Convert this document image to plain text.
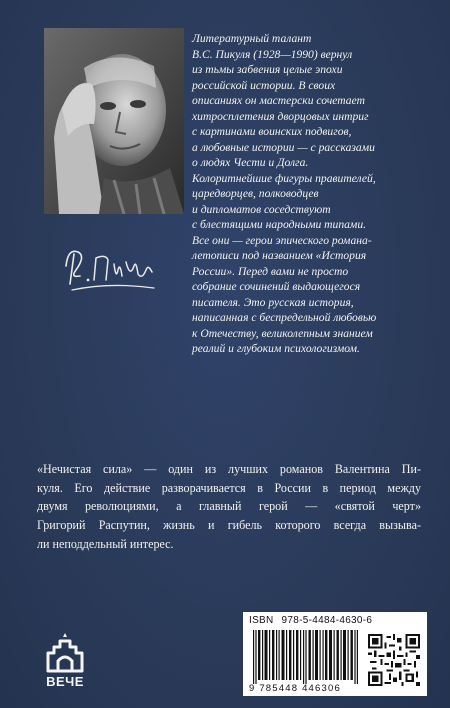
Литературный талант
В.С. Пикуля (1928—1990) вернул
из тьмы забвения целые эпохи
российской истории. В своих
описаниях он мастерски сочетает
хитросплетения дворцовых интриг
с картинами воинских подвигов,
а любовные истории — с рассказами
о людях Чести и Долга.
Колоритнейшие фигуры правителей,
царедворцев, полководцев
и дипломатов соседствуют
с блестящими народными типами.
Все они — герои эпического романа-
летописи под названием «История
России». Перед вами не просто
собрание сочинений выдающегося
писателя. Это русская история,
написанная с беспредельной любовью
к Отечеству, великолепным знанием
реалий и глубоким психологизмом.

«Нечистая сила» — один из лучших романов Валентина Пи-
куля. Его действие разворачивается в России в период между
двумя революциями, а главный герой — «святой черт»
Григорий Распутин, жизнь и гибель которого всегда вызыва-
ли неподдельный интерес.

ВЕЧЕ
ISBN 978-5-4484-4630-6
9 785448 446306
